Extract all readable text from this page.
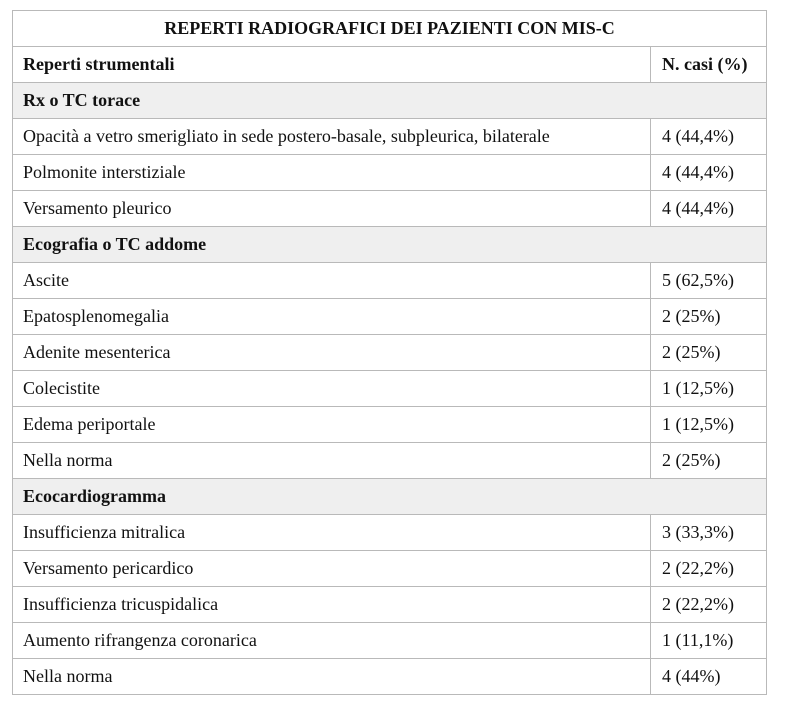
REPERTI RADIOGRAFICI DEI PAZIENTI CON MIS-C	
Reperti strumentali	N. casi (%)
Rx o TC torace	
Opacità a vetro smerigliato in sede postero-basale, subpleurica, bilaterale	4 (44,4%)
Polmonite interstiziale	4 (44,4%)
Versamento pleurico	4 (44,4%)
Ecografia o TC addome	
Ascite	5 (62,5%)
Epatosplenomegalia	2 (25%)
Adenite mesenterica	2 (25%)
Colecistite	1 (12,5%)
Edema periportale	1 (12,5%)
Nella norma	2 (25%)
Ecocardiogramma	
Insufficienza mitralica	3 (33,3%)
Versamento pericardico	2 (22,2%)
Insufficienza tricuspidalica	2 (22,2%)
Aumento rifrangenza coronarica	1 (11,1%)
Nella norma	4 (44%)
